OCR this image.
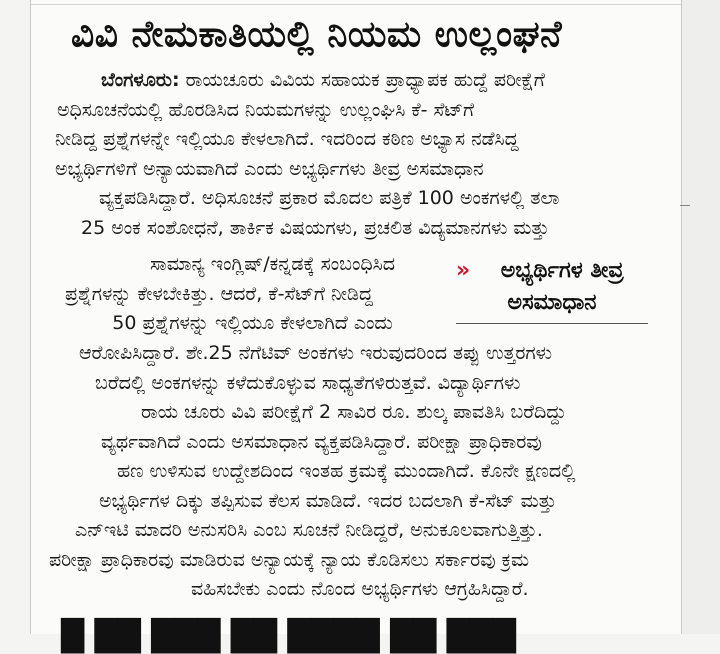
ವಿವಿ ನೇಮಕಾತಿಯಲ್ಲಿ ನಿಯಮ ಉಲ್ಲಂಘನೆ
ಬೆಂಗಳೂರು: ರಾಯಚೂರು ವಿವಿಯ ಸಹಾಯಕ ಪ್ರಾಧ್ಯಾಪಕ ಹುದ್ದೆ ಪರೀಕ್ಷೆಗೆ
ಅಧಿಸೂಚನೆಯಲ್ಲಿ ಹೊರಡಿಸಿದ ನಿಯಮಗಳನ್ನು ಉಲ್ಲಂಘಿಸಿ ಕೆ- ಸೆಟ್‌ಗೆ
ನೀಡಿದ್ದ ಪ್ರಶ್ನೆಗಳನ್ನೇ ಇಲ್ಲಿಯೂ ಕೇಳಲಾಗಿದೆ. ಇದರಿಂದ ಕಠಿಣ ಅಭ್ಯಾಸ ನಡೆಸಿದ್ದ
ಅಭ್ಯರ್ಥಿಗಳಿಗೆ ಅನ್ಯಾಯವಾಗಿದೆ ಎಂದು ಅಭ್ಯರ್ಥಿಗಳು ತೀವ್ರ ಅಸಮಾಧಾನ
ವ್ಯಕ್ತಪಡಿಸಿದ್ದಾರೆ. ಅಧಿಸೂಚನೆ ಪ್ರಕಾರ ಮೊದಲ ಪತ್ರಿಕೆ 100 ಅಂಕಗಳಲ್ಲಿ ತಲಾ
25 ಅಂಕ ಸಂಶೋಧನೆ, ತಾರ್ಕಿಕ ವಿಷಯಗಳು, ಪ್ರಚಲಿತ ವಿದ್ಯಮಾನಗಳು ಮತ್ತು
ಸಾಮಾನ್ಯ ಇಂಗ್ಲಿಷ್/ಕನ್ನಡಕ್ಕೆ ಸಂಬಂಧಿಸಿದ
ಪ್ರಶ್ನೆಗಳನ್ನು ಕೇಳಬೇಕಿತ್ತು. ಆದರೆ, ಕೆ-ಸೆಟ್‌ಗೆ ನೀಡಿದ್ದ
50 ಪ್ರಶ್ನೆಗಳನ್ನು ಇಲ್ಲಿಯೂ ಕೇಳಲಾಗಿದೆ ಎಂದು
»	ಅಭ್ಯರ್ಥಿಗಳ ತೀವ್ರ
ಅಸಮಾಧಾನ
ಆರೋಪಿಸಿದ್ದಾರೆ. ಶೇ.25 ನೆಗೆಟಿವ್ ಅಂಕಗಳು ಇರುವುದರಿಂದ ತಪ್ಪು ಉತ್ತರಗಳು
ಬರೆದಲ್ಲಿ ಅಂಕಗಳನ್ನು ಕಳೆದುಕೊಳ್ಳುವ ಸಾಧ್ಯತೆಗಳಿರುತ್ತವೆ. ವಿದ್ಯಾರ್ಥಿಗಳು
ರಾಯ ಚೂರು ವಿವಿ ಪರೀಕ್ಷೆಗೆ 2 ಸಾವಿರ ರೂ. ಶುಲ್ಕ ಪಾವತಿಸಿ ಬರೆದಿದ್ದು
ವ್ಯರ್ಥವಾಗಿದೆ ಎಂದು ಅಸಮಾಧಾನ ವ್ಯಕ್ತಪಡಿಸಿದ್ದಾರೆ. ಪರೀಕ್ಷಾ ಪ್ರಾಧಿಕಾರವು
ಹಣ ಉಳಿಸುವ ಉದ್ದೇಶದಿಂದ ಇಂತಹ ಕ್ರಮಕ್ಕೆ ಮುಂದಾಗಿದೆ. ಕೊನೇ ಕ್ಷಣದಲ್ಲಿ
ಅಭ್ಯರ್ಥಿಗಳ ದಿಕ್ಕು ತಪ್ಪಿಸುವ ಕೆಲಸ ಮಾಡಿದೆ. ಇದರ ಬದಲಾಗಿ ಕೆ-ಸೆಟ್ ಮತ್ತು
ಎನ್‌ಇಟಿ ಮಾದರಿ ಅನುಸರಿಸಿ ಎಂಬ ಸೂಚನೆ ನೀಡಿದ್ದರೆ, ಅನುಕೂಲವಾಗುತ್ತಿತ್ತು.
ಪರೀಕ್ಷಾ ಪ್ರಾಧಿಕಾರವು ಮಾಡಿರುವ ಅನ್ಯಾಯಕ್ಕೆ ನ್ಯಾಯ ಕೊಡಿಸಲು ಸರ್ಕಾರವು ಕ್ರಮ
ವಹಿಸಬೇಕು ಎಂದು ನೊಂದ ಅಭ್ಯರ್ಥಿಗಳು ಆಗ್ರಹಿಸಿದ್ದಾರೆ.
█ ██ ███ ██ ████ ██ ███
